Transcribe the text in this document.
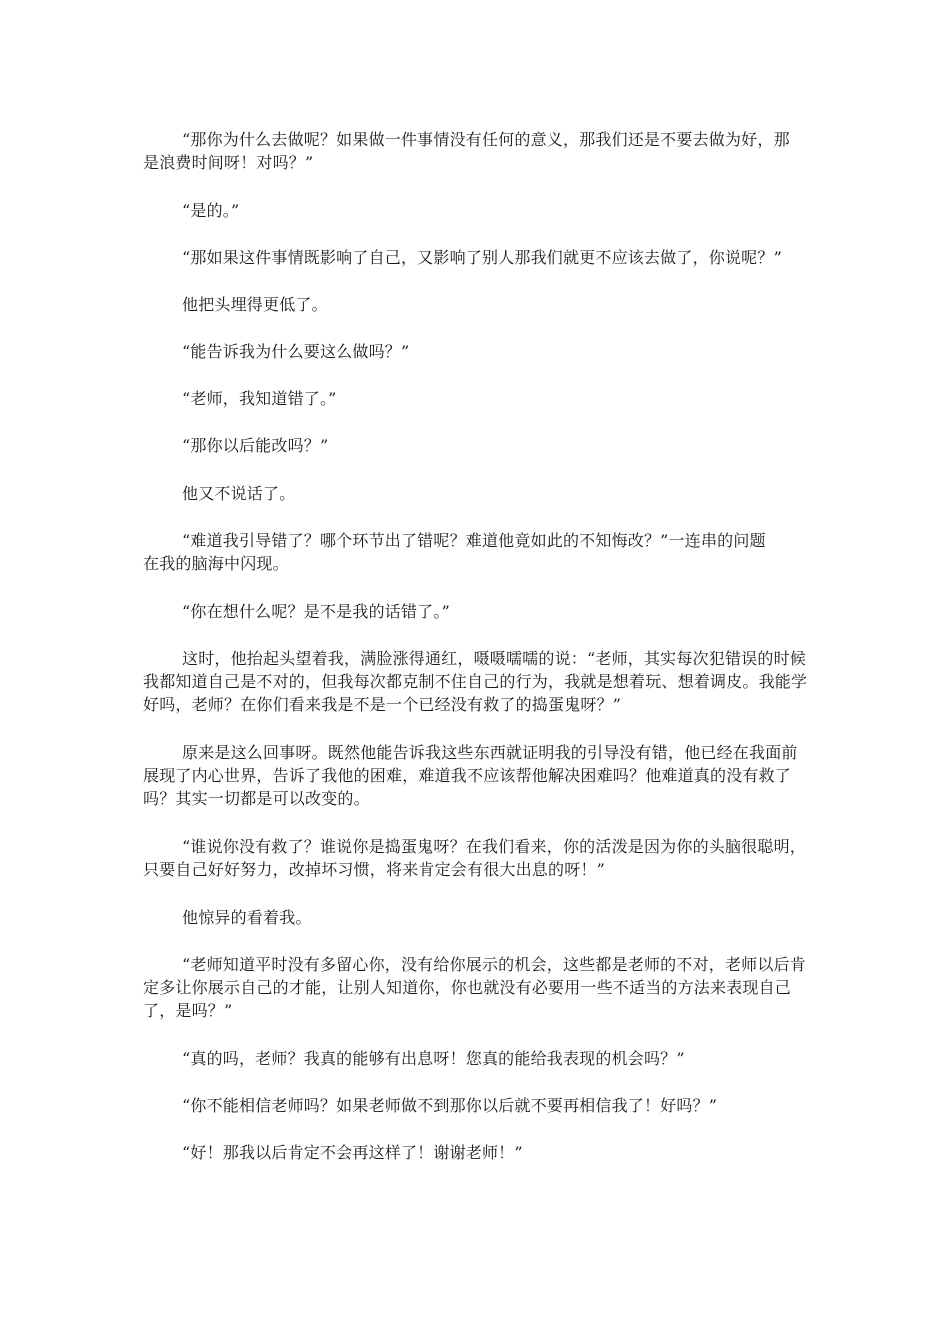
“那你为什么去做呢？如果做一件事情没有任何的意义，那我们还是不要去做为好，那
是浪费时间呀！对吗？”
“是的。”
“那如果这件事情既影响了自己，又影响了别人那我们就更不应该去做了，你说呢？”
他把头埋得更低了。
“能告诉我为什么要这么做吗？”
“老师，我知道错了。”
“那你以后能改吗？”
他又不说话了。
“难道我引导错了？哪个环节出了错呢？难道他竟如此的不知悔改？”一连串的问题
在我的脑海中闪现。
“你在想什么呢？是不是我的话错了。”
这时，他抬起头望着我，满脸涨得通红，嗫嗫嚅嚅的说：“老师，其实每次犯错误的时候
我都知道自己是不对的，但我每次都克制不住自己的行为，我就是想着玩、想着调皮。我能学
好吗，老师？在你们看来我是不是一个已经没有救了的捣蛋鬼呀？”
原来是这么回事呀。既然他能告诉我这些东西就证明我的引导没有错，他已经在我面前
展现了内心世界，告诉了我他的困难，难道我不应该帮他解决困难吗？他难道真的没有救了
吗？其实一切都是可以改变的。
“谁说你没有救了？谁说你是捣蛋鬼呀？在我们看来，你的活泼是因为你的头脑很聪明，
只要自己好好努力，改掉坏习惯，将来肯定会有很大出息的呀！”
他惊异的看着我。
“老师知道平时没有多留心你，没有给你展示的机会，这些都是老师的不对，老师以后肯
定多让你展示自己的才能，让别人知道你，你也就没有必要用一些不适当的方法来表现自己
了，是吗？”
“真的吗，老师？我真的能够有出息呀！您真的能给我表现的机会吗？”
“你不能相信老师吗？如果老师做不到那你以后就不要再相信我了！好吗？”
“好！那我以后肯定不会再这样了！谢谢老师！”
